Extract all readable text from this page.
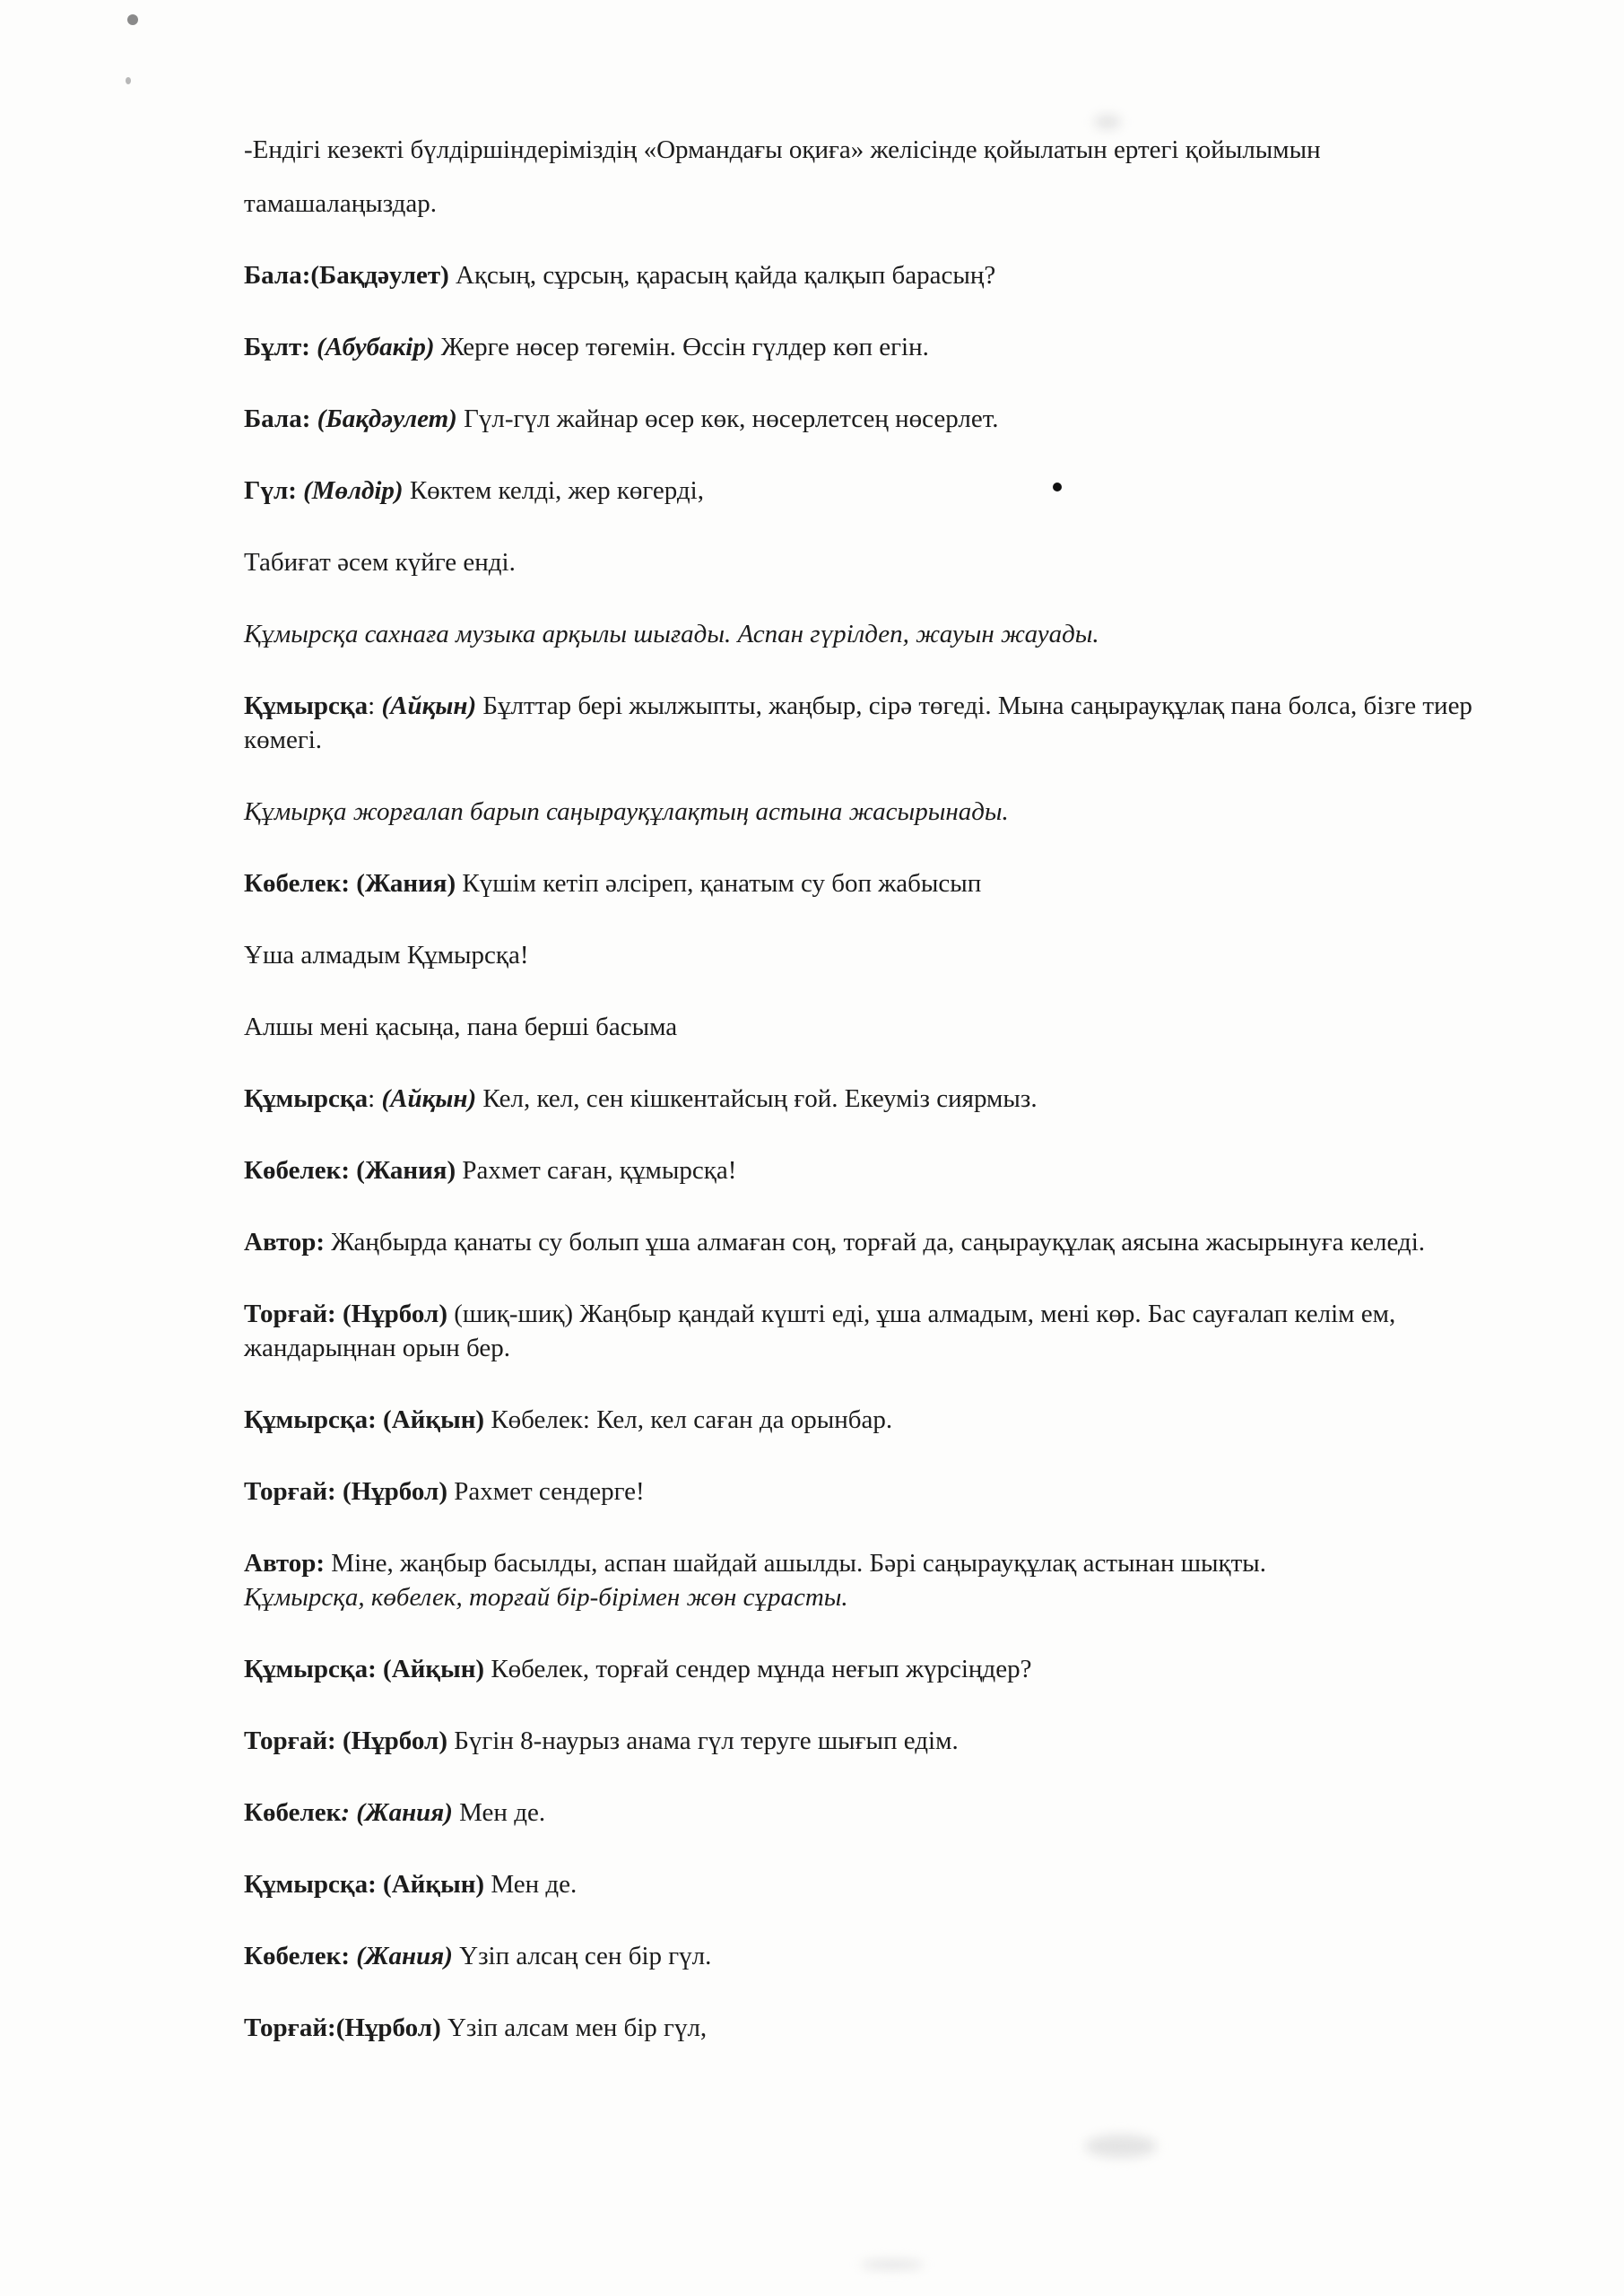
-Ендігі кезекті бүлдіршіндеріміздің «Ормандағы оқиға» желісінде қойылатын ертегі қойылымын

тамашалаңыздар.

Бала:(Бақдәулет) Ақсың, сұрсың, қарасың қайда қалқып барасың?

Бұлт: (Абубакір) Жерге нөсер төгемін. Өссін гүлдер көп егін.

Бала: (Бақдәулет) Гүл-гүл жайнар өсер көк, нөсерлетсең нөсерлет.

Гүл: (Мөлдір) Көктем келді, жер көгерді,

Табиғат әсем күйге енді.

Құмырсқа сахнаға музыка арқылы шығады. Аспан гүрілдеп, жауын жауады.

Құмырсқа: (Айқын) Бұлттар бері жылжыпты, жаңбыр, сірә төгеді. Мына саңырауқұлақ пана болса, бізге тиер көмегі.

Құмырқа жорғалап барып саңырауқұлақтың астына жасырынады.

Көбелек: (Жания) Күшім кетіп әлсіреп, қанатым су боп жабысып

Ұша алмадым Құмырсқа!

Алшы мені қасыңа, пана берші басыма

Құмырсқа: (Айқын) Кел, кел, сен кішкентайсың ғой. Екеуміз сиярмыз.

Көбелек: (Жания) Рахмет саған, құмырсқа!

Автор: Жаңбырда қанаты су болып ұша алмаған соң, торғай да, саңырауқұлақ аясына жасырынуға келеді.

Торғай: (Нұрбол) (шиқ-шиқ) Жаңбыр қандай күшті еді, ұша алмадым, мені көр. Бас сауғалап келім ем, жандарыңнан орын бер.

Құмырсқа: (Айқын) Көбелек: Кел, кел саған да орынбар.

Торғай: (Нұрбол) Рахмет сендерге!

Автор: Міне, жаңбыр басылды, аспан шайдай ашылды. Бәрі саңырауқұлақ астынан шықты.
Құмырсқа, көбелек, торғай бір-бірімен жөн сұрасты.

Құмырсқа: (Айқын) Көбелек, торғай сендер мұнда неғып жүрсіңдер?

Торғай: (Нұрбол) Бүгін 8-наурыз анама гүл теруге шығып едім.

Көбелек: (Жания) Мен де.

Құмырсқа: (Айқын) Мен де.

Көбелек: (Жания) Үзіп алсаң сен бір гүл.

Торғай:(Нұрбол) Үзіп алсам мен бір гүл,
